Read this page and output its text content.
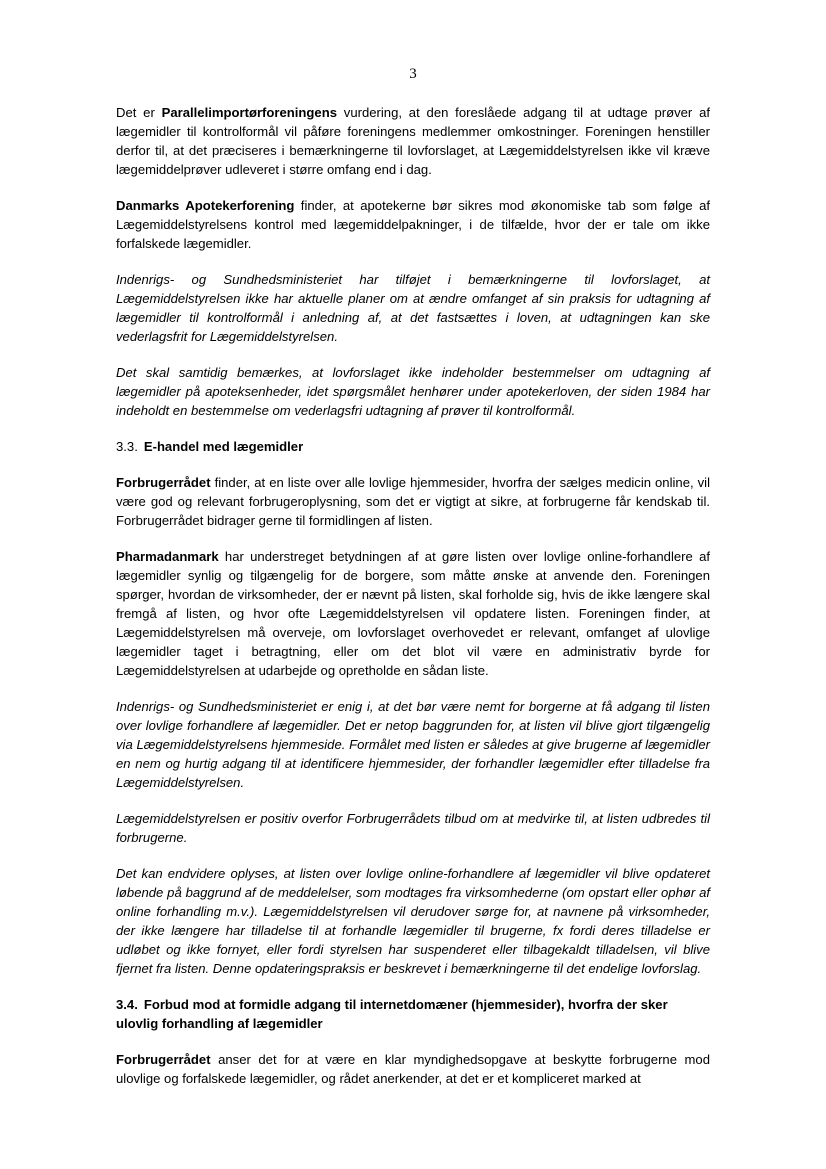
3

Det er Parallelimportørforeningens vurdering, at den foreslåede adgang til at udtage prøver af lægemidler til kontrolformål vil påføre foreningens medlemmer omkostninger. Foreningen henstiller derfor til, at det præciseres i bemærkningerne til lovforslaget, at Lægemiddelstyrelsen ikke vil kræve lægemiddelprøver udleveret i større omfang end i dag.

Danmarks Apotekerforening finder, at apotekerne bør sikres mod økonomiske tab som følge af Lægemiddelstyrelsens kontrol med lægemiddelpakninger, i de tilfælde, hvor der er tale om ikke forfalskede lægemidler.

Indenrigs- og Sundhedsministeriet har tilføjet i bemærkningerne til lovforslaget, at Lægemiddelstyrelsen ikke har aktuelle planer om at ændre omfanget af sin praksis for udtagning af lægemidler til kontrolformål i anledning af, at det fastsættes i loven, at udtagningen kan ske vederlagsfrit for Lægemiddelstyrelsen.

Det skal samtidig bemærkes, at lovforslaget ikke indeholder bestemmelser om udtagning af lægemidler på apoteksenheder, idet spørgsmålet henhører under apotekerloven, der siden 1984 har indeholdt en bestemmelse om vederlagsfri udtagning af prøver til kontrolformål.

3.3. E-handel med lægemidler

Forbrugerrådet finder, at en liste over alle lovlige hjemmesider, hvorfra der sælges medicin online, vil være god og relevant forbrugeroplysning, som det er vigtigt at sikre, at forbrugerne får kendskab til. Forbrugerrådet bidrager gerne til formidlingen af listen.

Pharmadanmark har understreget betydningen af at gøre listen over lovlige online-forhandlere af lægemidler synlig og tilgængelig for de borgere, som måtte ønske at anvende den. Foreningen spørger, hvordan de virksomheder, der er nævnt på listen, skal forholde sig, hvis de ikke længere skal fremgå af listen, og hvor ofte Lægemiddelstyrelsen vil opdatere listen. Foreningen finder, at Lægemiddelstyrelsen må overveje, om lovforslaget overhovedet er relevant, omfanget af ulovlige lægemidler taget i betragtning, eller om det blot vil være en administrativ byrde for Lægemiddelstyrelsen at udarbejde og opretholde en sådan liste.

Indenrigs- og Sundhedsministeriet er enig i, at det bør være nemt for borgerne at få adgang til listen over lovlige forhandlere af lægemidler. Det er netop baggrunden for, at listen vil blive gjort tilgængelig via Lægemiddelstyrelsens hjemmeside. Formålet med listen er således at give brugerne af lægemidler en nem og hurtig adgang til at identificere hjemmesider, der forhandler lægemidler efter tilladelse fra Lægemiddelstyrelsen.

Lægemiddelstyrelsen er positiv overfor Forbrugerrådets tilbud om at medvirke til, at listen udbredes til forbrugerne.

Det kan endvidere oplyses, at listen over lovlige online-forhandlere af lægemidler vil blive opdateret løbende på baggrund af de meddelelser, som modtages fra virksomhederne (om opstart eller ophør af online forhandling m.v.). Lægemiddelstyrelsen vil derudover sørge for, at navnene på virksomheder, der ikke længere har tilladelse til at forhandle lægemidler til brugerne, fx fordi deres tilladelse er udløbet og ikke fornyet, eller fordi styrelsen har suspenderet eller tilbagekaldt tilladelsen, vil blive fjernet fra listen. Denne opdateringspraksis er beskrevet i bemærkningerne til det endelige lovforslag.

3.4. Forbud mod at formidle adgang til internetdomæner (hjemmesider), hvorfra der sker ulovlig forhandling af lægemidler

Forbrugerrådet anser det for at være en klar myndighedsopgave at beskytte forbrugerne mod ulovlige og forfalskede lægemidler, og rådet anerkender, at det er et kompliceret marked at
